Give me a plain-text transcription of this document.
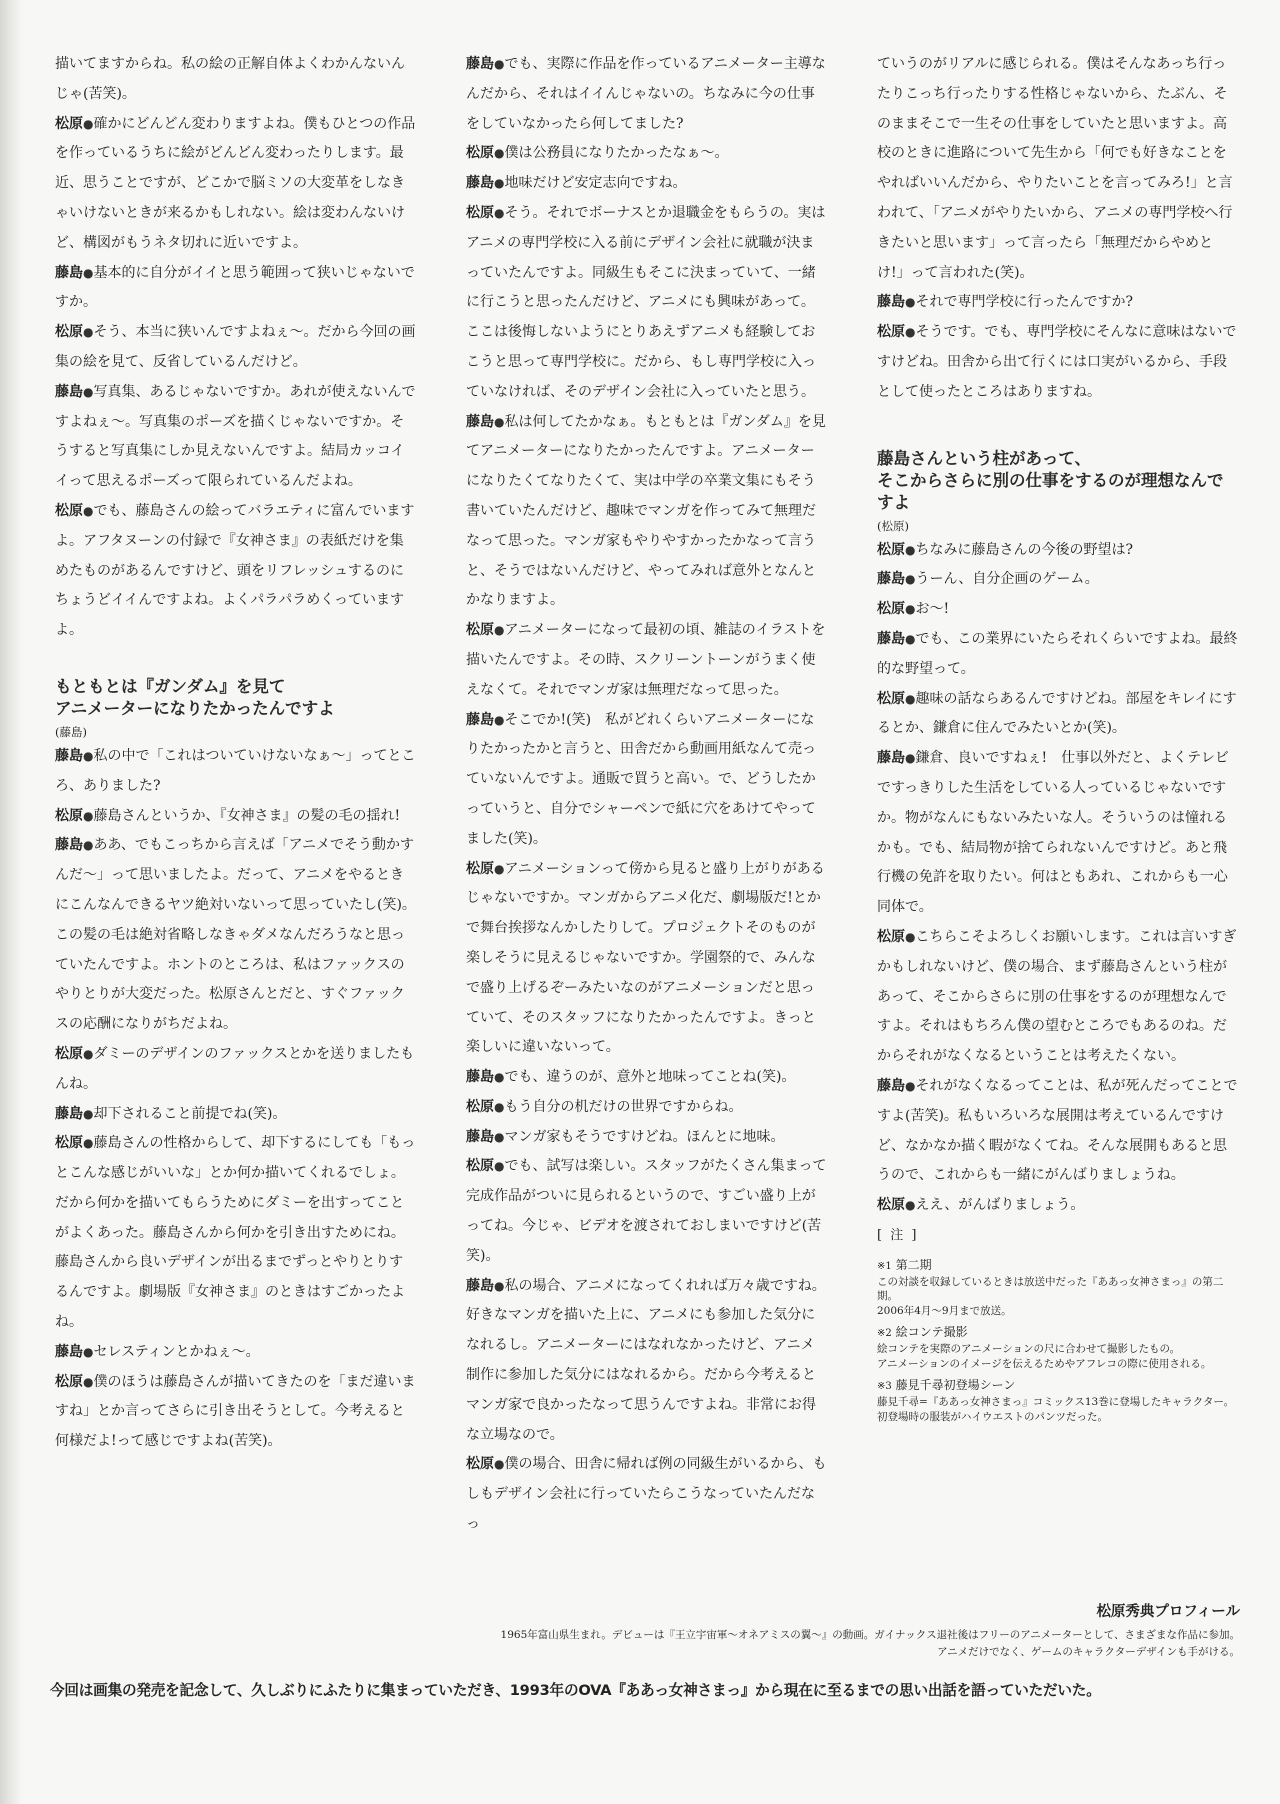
描いてますからね。私の絵の正解自体よくわかんないんじゃ(苦笑)。

松原●確かにどんどん変わりますよね。僕もひとつの作品を作っているうちに絵がどんどん変わったりします。最近、思うことですが、どこかで脳ミソの大変革をしなきゃいけないときが来るかもしれない。絵は変わんないけど、構図がもうネタ切れに近いですよ。

藤島●基本的に自分がイイと思う範囲って狭いじゃないですか。

松原●そう、本当に狭いんですよねぇ〜。だから今回の画集の絵を見て、反省しているんだけど。

藤島●写真集、あるじゃないですか。あれが使えないんですよねぇ〜。写真集のポーズを描くじゃないですか。そうすると写真集にしか見えないんですよ。結局カッコイイって思えるポーズって限られているんだよね。

松原●でも、藤島さんの絵ってバラエティに富んでいますよ。アフタヌーンの付録で『女神さま』の表紙だけを集めたものがあるんですけど、頭をリフレッシュするのにちょうどイイんですよね。よくパラパラめくっていますよ。

もともとは『ガンダム』を見て
アニメーターになりたかったんですよ
(藤島)

藤島●私の中で「これはついていけないなぁ〜」ってところ、ありました?

松原●藤島さんというか、『女神さま』の髪の毛の揺れ!

藤島●ああ、でもこっちから言えば「アニメでそう動かすんだ〜」って思いましたよ。だって、アニメをやるときにこんなんできるヤツ絶対いないって思っていたし(笑)。この髪の毛は絶対省略しなきゃダメなんだろうなと思っていたんですよ。ホントのところは、私はファックスのやりとりが大変だった。松原さんとだと、すぐファックスの応酬になりがちだよね。

松原●ダミーのデザインのファックスとかを送りましたもんね。

藤島●却下されること前提でね(笑)。

松原●藤島さんの性格からして、却下するにしても「もっとこんな感じがいいな」とか何か描いてくれるでしょ。だから何かを描いてもらうためにダミーを出すってことがよくあった。藤島さんから何かを引き出すためにね。藤島さんから良いデザインが出るまでずっとやりとりするんですよ。劇場版『女神さま』のときはすごかったよね。

藤島●セレスティンとかねぇ〜。

松原●僕のほうは藤島さんが描いてきたのを「まだ違いますね」とか言ってさらに引き出そうとして。今考えると何様だよ!って感じですよね(苦笑)。

藤島●でも、実際に作品を作っているアニメーター主導なんだから、それはイイんじゃないの。ちなみに今の仕事をしていなかったら何してました?

松原●僕は公務員になりたかったなぁ〜。

藤島●地味だけど安定志向ですね。

松原●そう。それでボーナスとか退職金をもらうの。実はアニメの専門学校に入る前にデザイン会社に就職が決まっていたんですよ。同級生もそこに決まっていて、一緒に行こうと思ったんだけど、アニメにも興味があって。ここは後悔しないようにとりあえずアニメも経験しておこうと思って専門学校に。だから、もし専門学校に入っていなければ、そのデザイン会社に入っていたと思う。

藤島●私は何してたかなぁ。もともとは『ガンダム』を見てアニメーターになりたかったんですよ。アニメーターになりたくてなりたくて、実は中学の卒業文集にもそう書いていたんだけど、趣味でマンガを作ってみて無理だなって思った。マンガ家もやりやすかったかなって言うと、そうではないんだけど、やってみれば意外となんとかなりますよ。

松原●アニメーターになって最初の頃、雑誌のイラストを描いたんですよ。その時、スクリーントーンがうまく使えなくて。それでマンガ家は無理だなって思った。

藤島●そこでか!(笑)　私がどれくらいアニメーターになりたかったかと言うと、田舎だから動画用紙なんて売っていないんですよ。通販で買うと高い。で、どうしたかっていうと、自分でシャーペンで紙に穴をあけてやってました(笑)。

松原●アニメーションって傍から見ると盛り上がりがあるじゃないですか。マンガからアニメ化だ、劇場版だ!とかで舞台挨拶なんかしたりして。プロジェクトそのものが楽しそうに見えるじゃないですか。学園祭的で、みんなで盛り上げるぞーみたいなのがアニメーションだと思っていて、そのスタッフになりたかったんですよ。きっと楽しいに違いないって。

藤島●でも、違うのが、意外と地味ってことね(笑)。

松原●もう自分の机だけの世界ですからね。

藤島●マンガ家もそうですけどね。ほんとに地味。

松原●でも、試写は楽しい。スタッフがたくさん集まって完成作品がついに見られるというので、すごい盛り上がってね。今じゃ、ビデオを渡されておしまいですけど(苦笑)。

藤島●私の場合、アニメになってくれれば万々歳ですね。好きなマンガを描いた上に、アニメにも参加した気分になれるし。アニメーターにはなれなかったけど、アニメ制作に参加した気分にはなれるから。だから今考えるとマンガ家で良かったなって思うんですよね。非常にお得な立場なので。

松原●僕の場合、田舎に帰れば例の同級生がいるから、もしもデザイン会社に行っていたらこうなっていたんだなっ

ていうのがリアルに感じられる。僕はそんなあっち行ったりこっち行ったりする性格じゃないから、たぶん、そのままそこで一生その仕事をしていたと思いますよ。高校のときに進路について先生から「何でも好きなことをやればいいんだから、やりたいことを言ってみろ!」と言われて、「アニメがやりたいから、アニメの専門学校へ行きたいと思います」って言ったら「無理だからやめとけ!」って言われた(笑)。

藤島●それで専門学校に行ったんですか?

松原●そうです。でも、専門学校にそんなに意味はないですけどね。田舎から出て行くには口実がいるから、手段として使ったところはありますね。

藤島さんという柱があって、
そこからさらに別の仕事をするのが理想なんですよ
(松原)

松原●ちなみに藤島さんの今後の野望は?

藤島●うーん、自分企画のゲーム。

松原●お〜!

藤島●でも、この業界にいたらそれくらいですよね。最終的な野望って。

松原●趣味の話ならあるんですけどね。部屋をキレイにするとか、鎌倉に住んでみたいとか(笑)。

藤島●鎌倉、良いですねぇ!　仕事以外だと、よくテレビですっきりした生活をしている人っているじゃないですか。物がなんにもないみたいな人。そういうのは憧れるかも。でも、結局物が捨てられないんですけど。あと飛行機の免許を取りたい。何はともあれ、これからも一心同体で。

松原●こちらこそよろしくお願いします。これは言いすぎかもしれないけど、僕の場合、まず藤島さんという柱があって、そこからさらに別の仕事をするのが理想なんですよ。それはもちろん僕の望むところでもあるのね。だからそれがなくなるということは考えたくない。

藤島●それがなくなるってことは、私が死んだってことですよ(苦笑)。私もいろいろな展開は考えているんですけど、なかなか描く暇がなくてね。そんな展開もあると思うので、これからも一緒にがんばりましょうね。

松原●ええ、がんばりましょう。

[ 注 ]
※1 第二期
この対談を収録しているときは放送中だった『ああっ女神さまっ』の第二期。
2006年4月〜9月まで放送。
※2 絵コンテ撮影
絵コンテを実際のアニメーションの尺に合わせて撮影したもの。
アニメーションのイメージを伝えるためやアフレコの際に使用される。
※3 藤見千尋初登場シーン
藤見千尋=『ああっ女神さまっ』コミックス13巻に登場したキャラクター。
初登場時の服装がハイウエストのパンツだった。
松原秀典プロフィール
1965年富山県生まれ。デビューは『王立宇宙軍〜オネアミスの翼〜』の動画。ガイナックス退社後はフリーのアニメーターとして、さまざまな作品に参加。
アニメだけでなく、ゲームのキャラクターデザインも手がける。
今回は画集の発売を記念して、久しぶりにふたりに集まっていただき、1993年のOVA『ああっ女神さまっ』から現在に至るまでの思い出話を語っていただいた。
